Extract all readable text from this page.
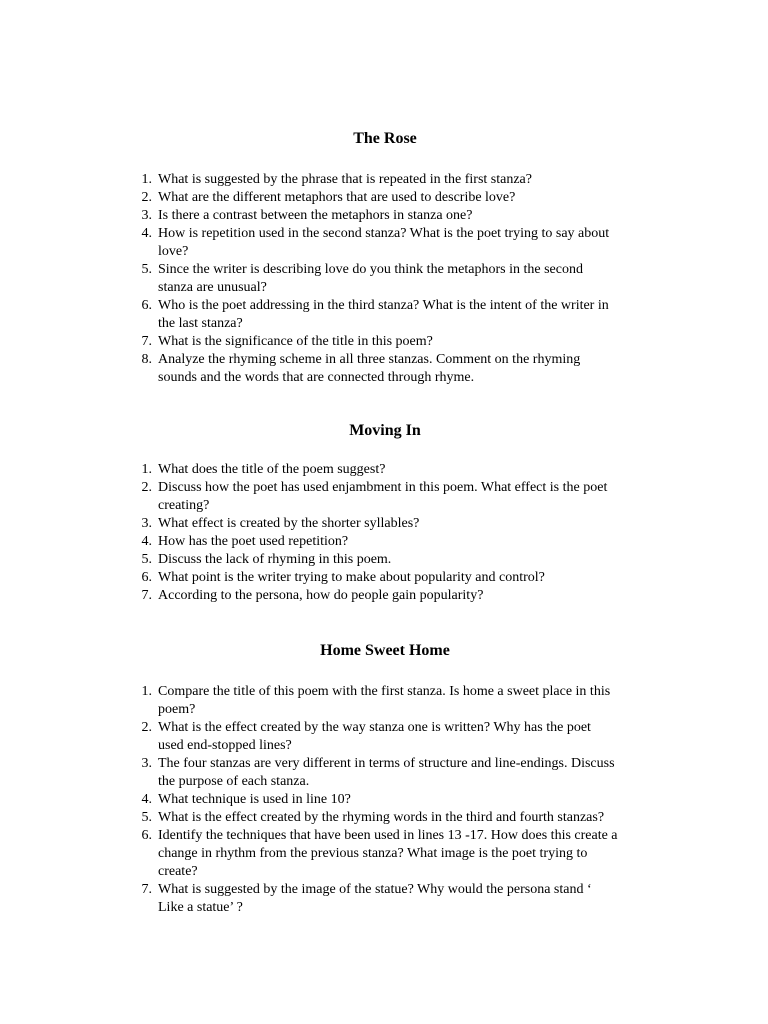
The Rose
1. What is suggested by the phrase that is repeated in the first stanza?
2. What are the different metaphors that are used to describe love?
3. Is there a contrast between the metaphors in stanza one?
4. How is repetition used in the second stanza? What is the poet trying to say about
love?
5. Since the writer is describing love do you think the metaphors in the second
stanza are unusual?
6. Who is the poet addressing in the third stanza? What is the intent of the writer in
the last stanza?
7. What is the significance of the title in this poem?
8. Analyze the rhyming scheme in all three stanzas. Comment on the rhyming
sounds and the words that are connected through rhyme.
Moving In
1. What does the title of the poem suggest?
2. Discuss how the poet has used enjambment in this poem. What effect is the poet
creating?
3. What effect is created by the shorter syllables?
4. How has the poet used repetition?
5. Discuss the lack of rhyming in this poem.
6. What point is the writer trying to make about popularity and control?
7. According to the persona, how do people gain popularity?
Home Sweet Home
1. Compare the title of this poem with the first stanza. Is home a sweet place in this
poem?
2. What is the effect created by the way stanza one is written? Why has the poet
used end-stopped lines?
3. The four stanzas are very different in terms of structure and line-endings. Discuss
the purpose of each stanza.
4. What technique is used in line 10?
5. What is the effect created by the rhyming words in the third and fourth stanzas?
6. Identify the techniques that have been used in lines 13 -17. How does this create a
change in rhythm from the previous stanza? What image is the poet trying to
create?
7. What is suggested by the image of the statue? Why would the persona stand ‘
Like a statue’ ?
